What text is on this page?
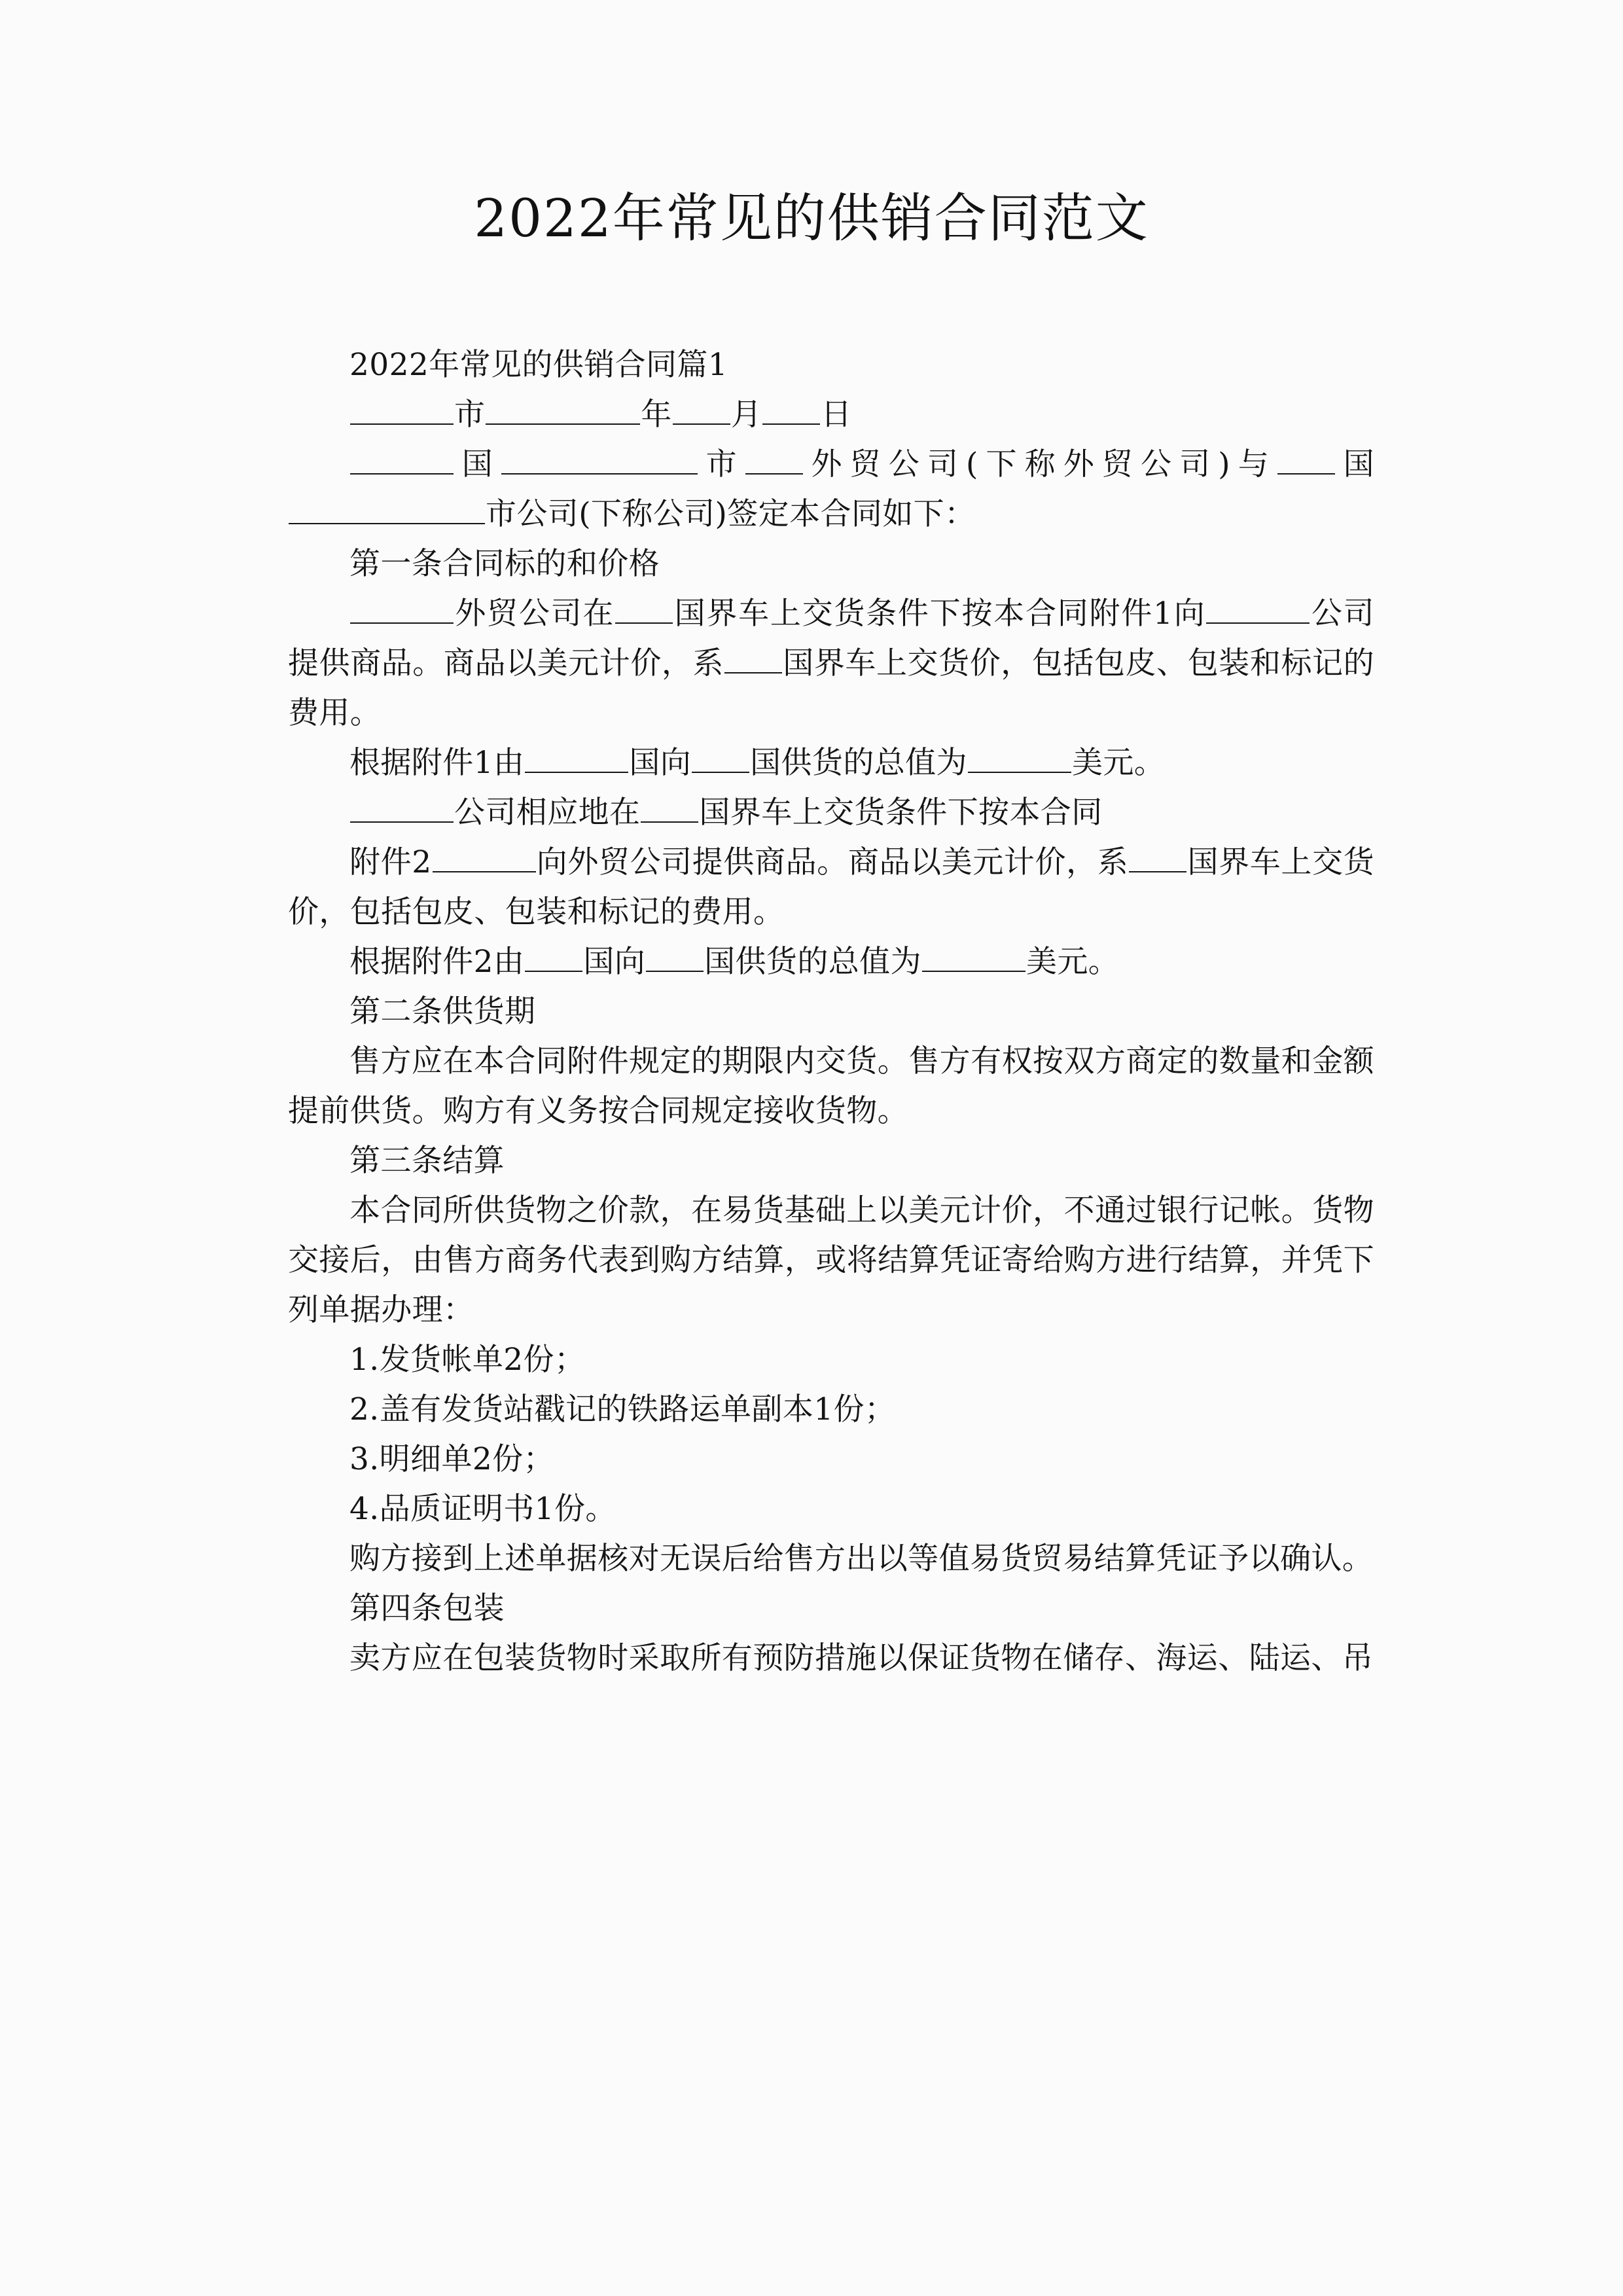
2022年常见的供销合同范文

2022年常见的供销合同篇1

市	年 月 日

国	市 外贸公司(下称外贸公司)与 国市公司(下称公司)签定本合同如下：

第一条合同标的和价格

外贸公司在 国界车上交货条件下按本合同附件1向	公司提供商品。商品以美元计价，系 国界车上交货价，包括包皮、包装和标记的费用。

根据附件1由	国向 国供货的总值为	美元。

公司相应地在 国界车上交货条件下按本合同

附件2	向外贸公司提供商品。商品以美元计价，系 国界车上交货价，包括包皮、包装和标记的费用。

根据附件2由 国向 国供货的总值为	美元。

第二条供货期

售方应在本合同附件规定的期限内交货。售方有权按双方商定的数量和金额提前供货。购方有义务按合同规定接收货物。

第三条结算

本合同所供货物之价款，在易货基础上以美元计价，不通过银行记帐。货物交接后，由售方商务代表到购方结算，或将结算凭证寄给购方进行结算，并凭下列单据办理：

1.发货帐单2份；

2.盖有发货站戳记的铁路运单副本1份；

3.明细单2份；

4.品质证明书1份。

购方接到上述单据核对无误后给售方出以等值易货贸易结算凭证予以确认。

第四条包装

卖方应在包装货物时采取所有预防措施以保证货物在储存、海运、陆运、吊
